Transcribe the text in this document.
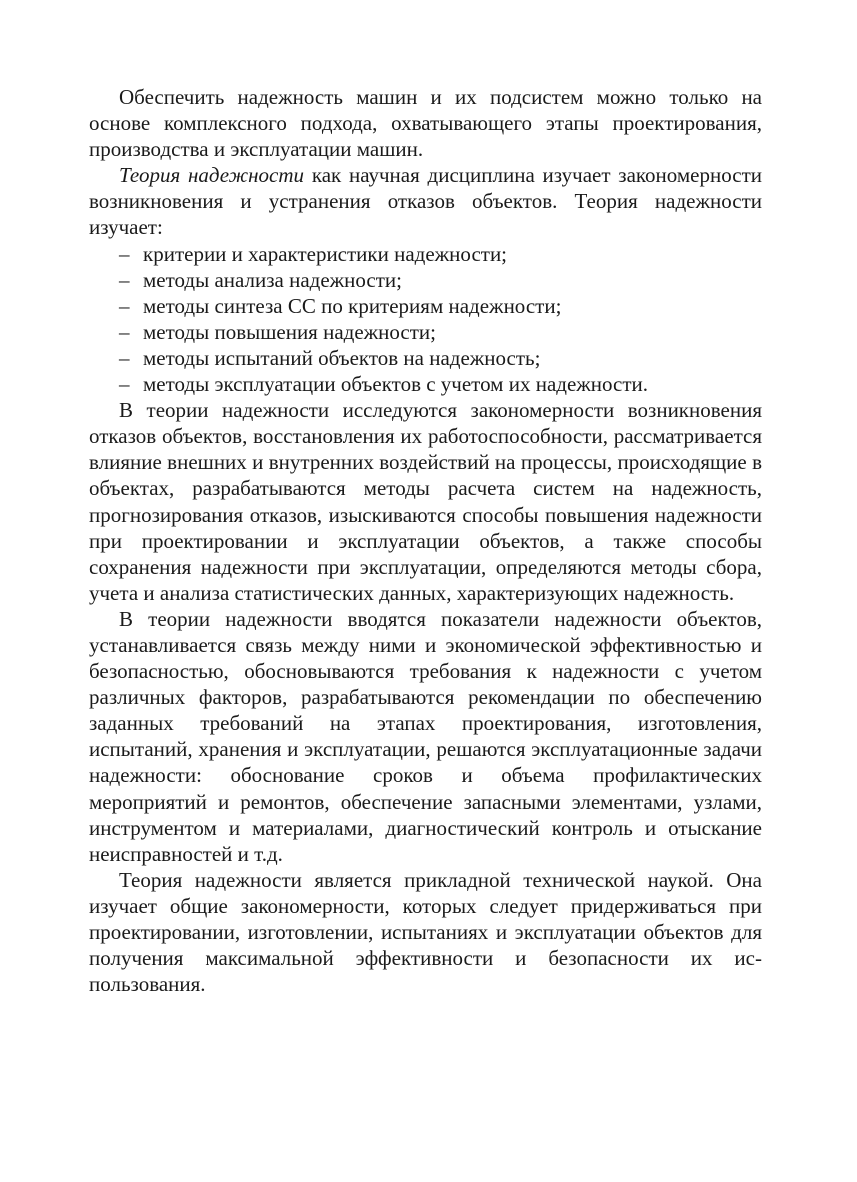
Обеспечить надежность машин и их подсистем можно только на основе комплексного подхода, охватывающего этапы проектирования, производства и эксплуатации машин.

Теория надежности как научная дисциплина изучает закономерности возникновения и устранения отказов объектов. Теория надежности изучает:

– критерии и характеристики надежности;
– методы анализа надежности;
– методы синтеза СС по критериям надежности;
– методы повышения надежности;
– методы испытаний объектов на надежность;
– методы эксплуатации объектов с учетом их надежности.

В теории надежности исследуются закономерности возникновения отказов объектов, восстановления их работоспособности, рассматривается влияние внешних и внутренних воздействий на процессы, происходящие в объектах, разрабатываются методы расчета систем на надежность, прогнозирования отказов, изыскиваются способы повышения надежности при проектировании и эксплуатации объектов, а также способы сохранения надежности при эксплуатации, определяются методы сбора, учета и анализа статистических данных, характеризующих надежность.

В теории надежности вводятся показатели надежности объектов, устанавливается связь между ними и экономической эффективностью и безопасностью, обосновываются требования к надежности с учетом различных факторов, разрабатываются рекомендации по обеспечению заданных требований на этапах проектирования, изготовления, испытаний, хранения и эксплуатации, решаются эксплуатационные задачи надежности: обоснование сроков и объема профилактических мероприятий и ремонтов, обеспечение запасными элементами, узлами, инструментом и материалами, диагностический контроль и отыскание неисправностей и т.д.

Теория надежности является прикладной технической наукой. Она изучает общие закономерности, которых следует придерживаться при проектировании, изготовлении, испытаниях и эксплуатации объектов для получения максимальной эффективности и безопасности их использования.
